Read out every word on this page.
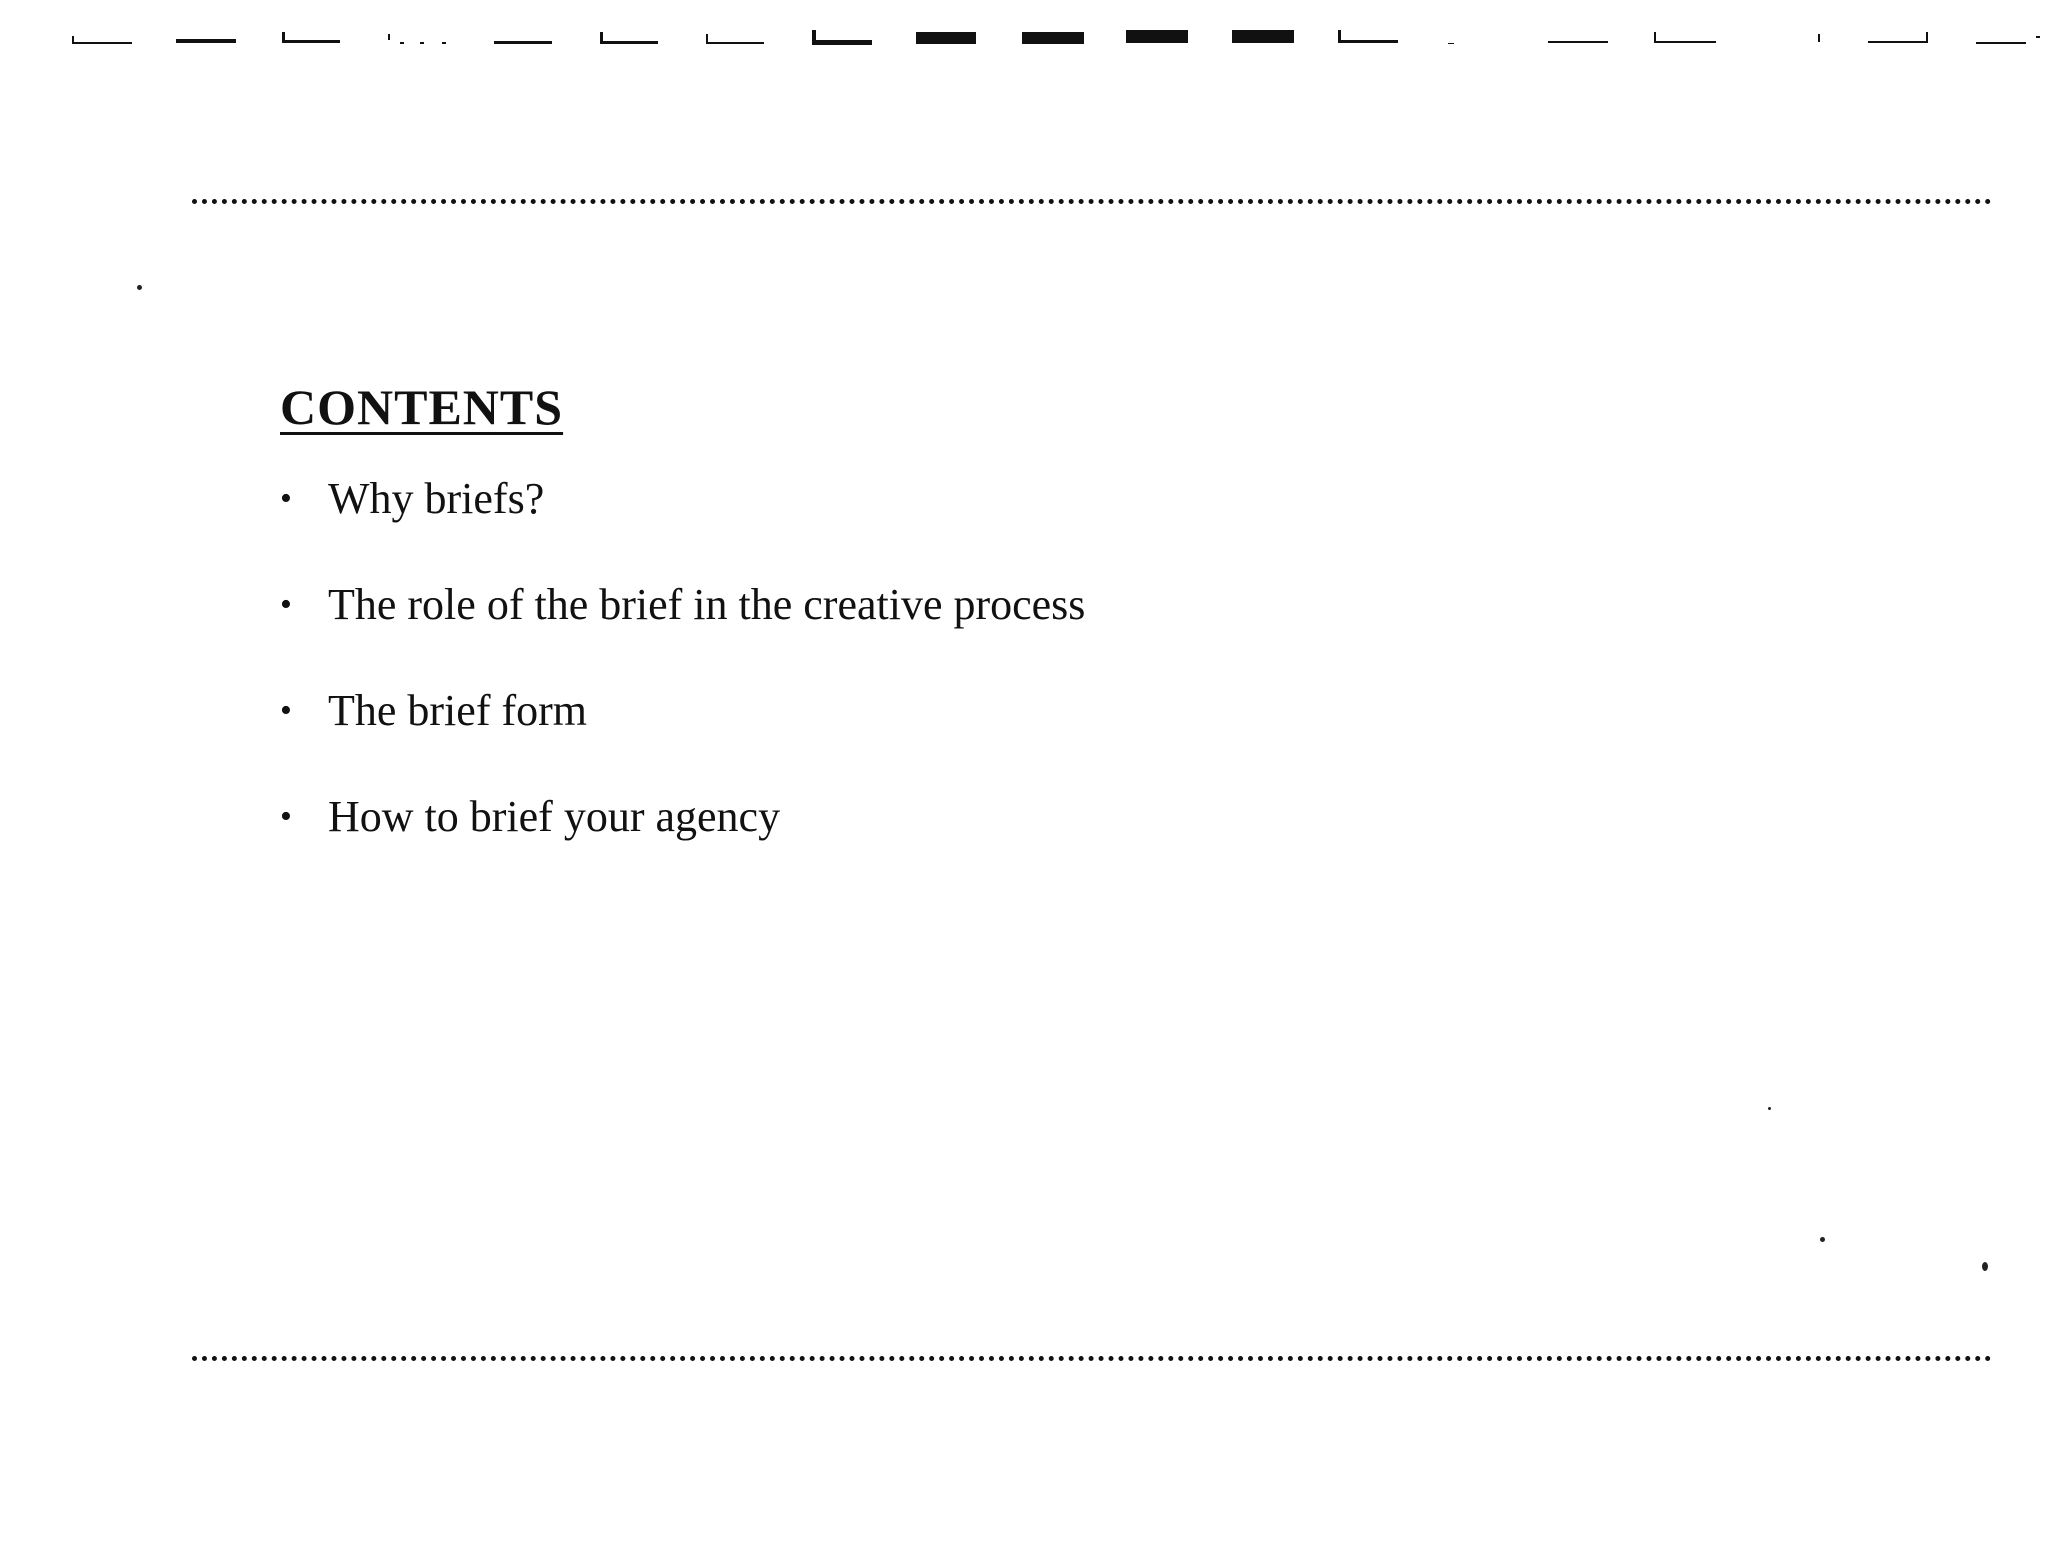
CONTENTS
• Why briefs?
• The role of the brief in the creative process
• The brief form
• How to brief your agency
